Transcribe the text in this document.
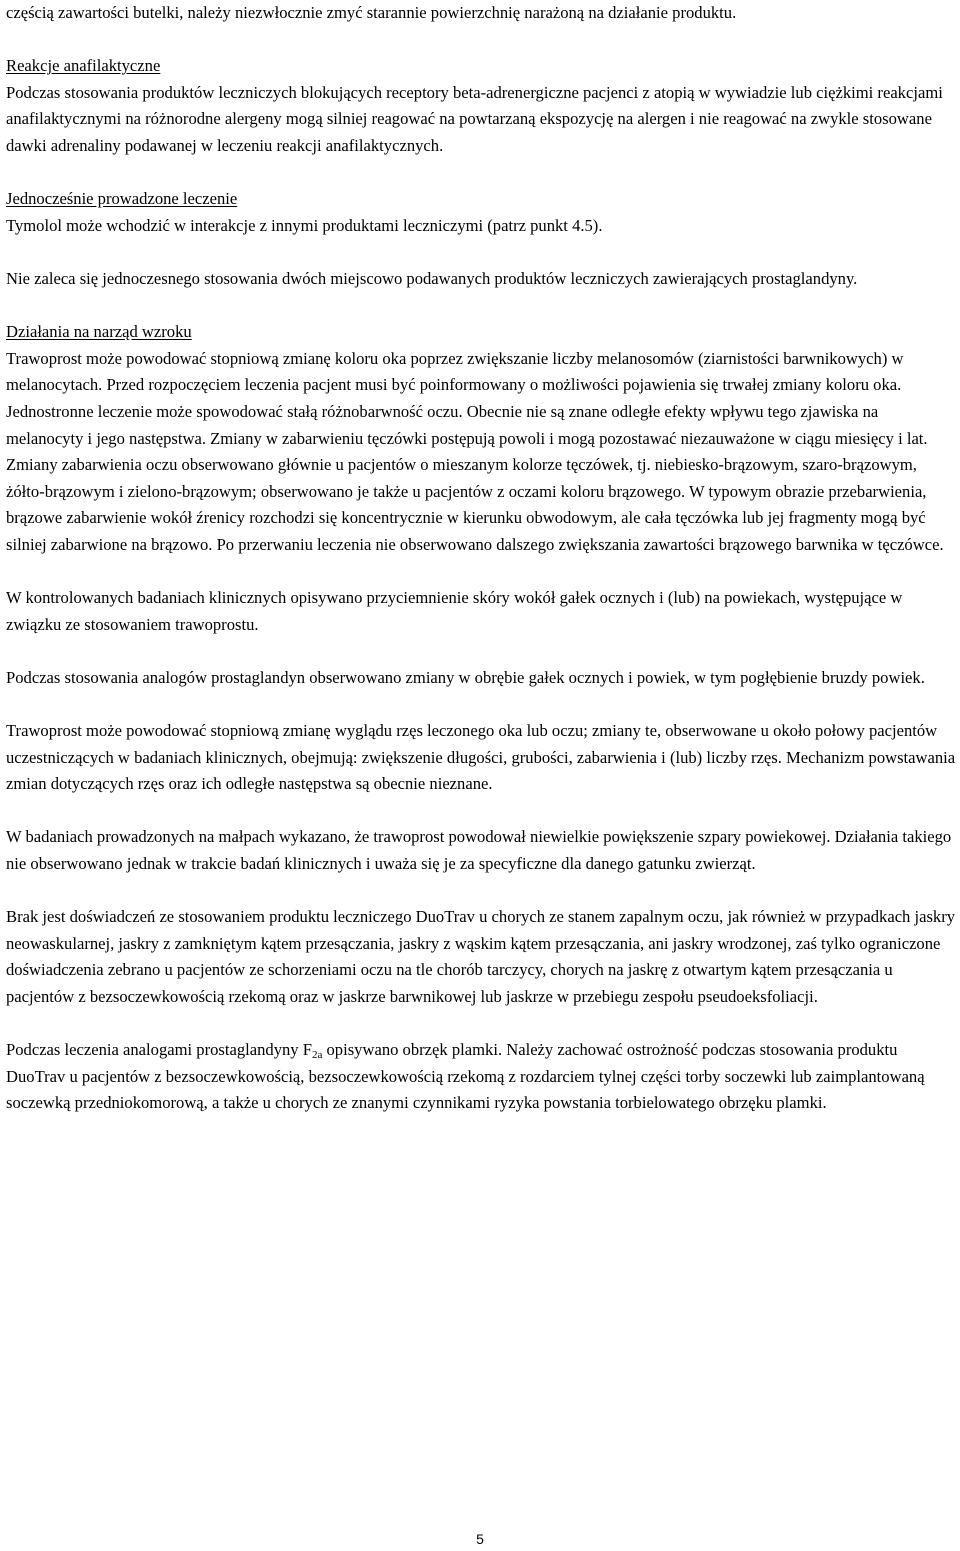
częścią zawartości butelki, należy niezwłocznie zmyć starannie powierzchnię narażoną na działanie produktu.

Reakcje anafilaktyczne

Podczas stosowania produktów leczniczych blokujących receptory beta-adrenergiczne pacjenci z atopią w wywiadzie lub ciężkimi reakcjami anafilaktycznymi na różnorodne alergeny mogą silniej reagować na powtarzaną ekspozycję na alergen i nie reagować na zwykle stosowane dawki adrenaliny podawanej w leczeniu reakcji anafilaktycznych.

Jednocześnie prowadzone leczenie

Tymolol może wchodzić w interakcje z innymi produktami leczniczymi (patrz punkt 4.5).

Nie zaleca się jednoczesnego stosowania dwóch miejscowo podawanych produktów leczniczych zawierających prostaglandyny.

Działania na narząd wzroku

Trawoprost może powodować stopniową zmianę koloru oka poprzez zwiększanie liczby melanosomów (ziarnistości barwnikowych) w melanocytach. Przed rozpoczęciem leczenia pacjent musi być poinformowany o możliwości pojawienia się trwałej zmiany koloru oka. Jednostronne leczenie może spowodować stałą różnobarwność oczu. Obecnie nie są znane odległe efekty wpływu tego zjawiska na melanocyty i jego następstwa. Zmiany w zabarwieniu tęczówki postępują powoli i mogą pozostawać niezauważone w ciągu miesięcy i lat. Zmiany zabarwienia oczu obserwowano głównie u pacjentów o mieszanym kolorze tęczówek, tj. niebiesko-brązowym, szaro-brązowym, żółto-brązowym i zielono-brązowym; obserwowano je także u pacjentów z oczami koloru brązowego. W typowym obrazie przebarwienia, brązowe zabarwienie wokół źrenicy rozchodzi się koncentrycznie w kierunku obwodowym, ale cała tęczówka lub jej fragmenty mogą być silniej zabarwione na brązowo. Po przerwaniu leczenia nie obserwowano dalszego zwiększania zawartości brązowego barwnika w tęczówce.

W kontrolowanych badaniach klinicznych opisywano przyciemnienie skóry wokół gałek ocznych i (lub) na powiekach, występujące w związku ze stosowaniem trawoprostu.

Podczas stosowania analogów prostaglandyn obserwowano zmiany w obrębie gałek ocznych i powiek, w tym pogłębienie bruzdy powiek.

Trawoprost może powodować stopniową zmianę wyglądu rzęs leczonego oka lub oczu; zmiany te, obserwowane u około połowy pacjentów uczestniczących w badaniach klinicznych, obejmują: zwiększenie długości, grubości, zabarwienia i (lub) liczby rzęs. Mechanizm powstawania zmian dotyczących rzęs oraz ich odległe następstwa są obecnie nieznane.

W badaniach prowadzonych na małpach wykazano, że trawoprost powodował niewielkie powiększenie szpary powiekowej. Działania takiego nie obserwowano jednak w trakcie badań klinicznych i uważa się je za specyficzne dla danego gatunku zwierząt.

Brak jest doświadczeń ze stosowaniem produktu leczniczego DuoTrav u chorych ze stanem zapalnym oczu, jak również w przypadkach jaskry neowaskularnej, jaskry z zamkniętym kątem przesączania, jaskry z wąskim kątem przesączania, ani jaskry wrodzonej, zaś tylko ograniczone doświadczenia zebrano u pacjentów ze schorzeniami oczu na tle chorób tarczycy, chorych na jaskrę z otwartym kątem przesączania u pacjentów z bezsoczewkowością rzekomą oraz w jaskrze barwnikowej lub jaskrze w przebiegu zespołu pseudoeksfoliacji.

Podczas leczenia analogami prostaglandyny $F_{2a}$ opisywano obrzęk plamki. Należy zachować ostrożność podczas stosowania produktu DuoTrav u pacjentów z bezsoczewkowością, bezsoczewkowością rzekomą z rozdarciem tylnej części torby soczewki lub zaimplantowaną soczewką przedniokomorową, a także u chorych ze znanymi czynnikami ryzyka powstania torbielowatego obrzęku plamki.

5
